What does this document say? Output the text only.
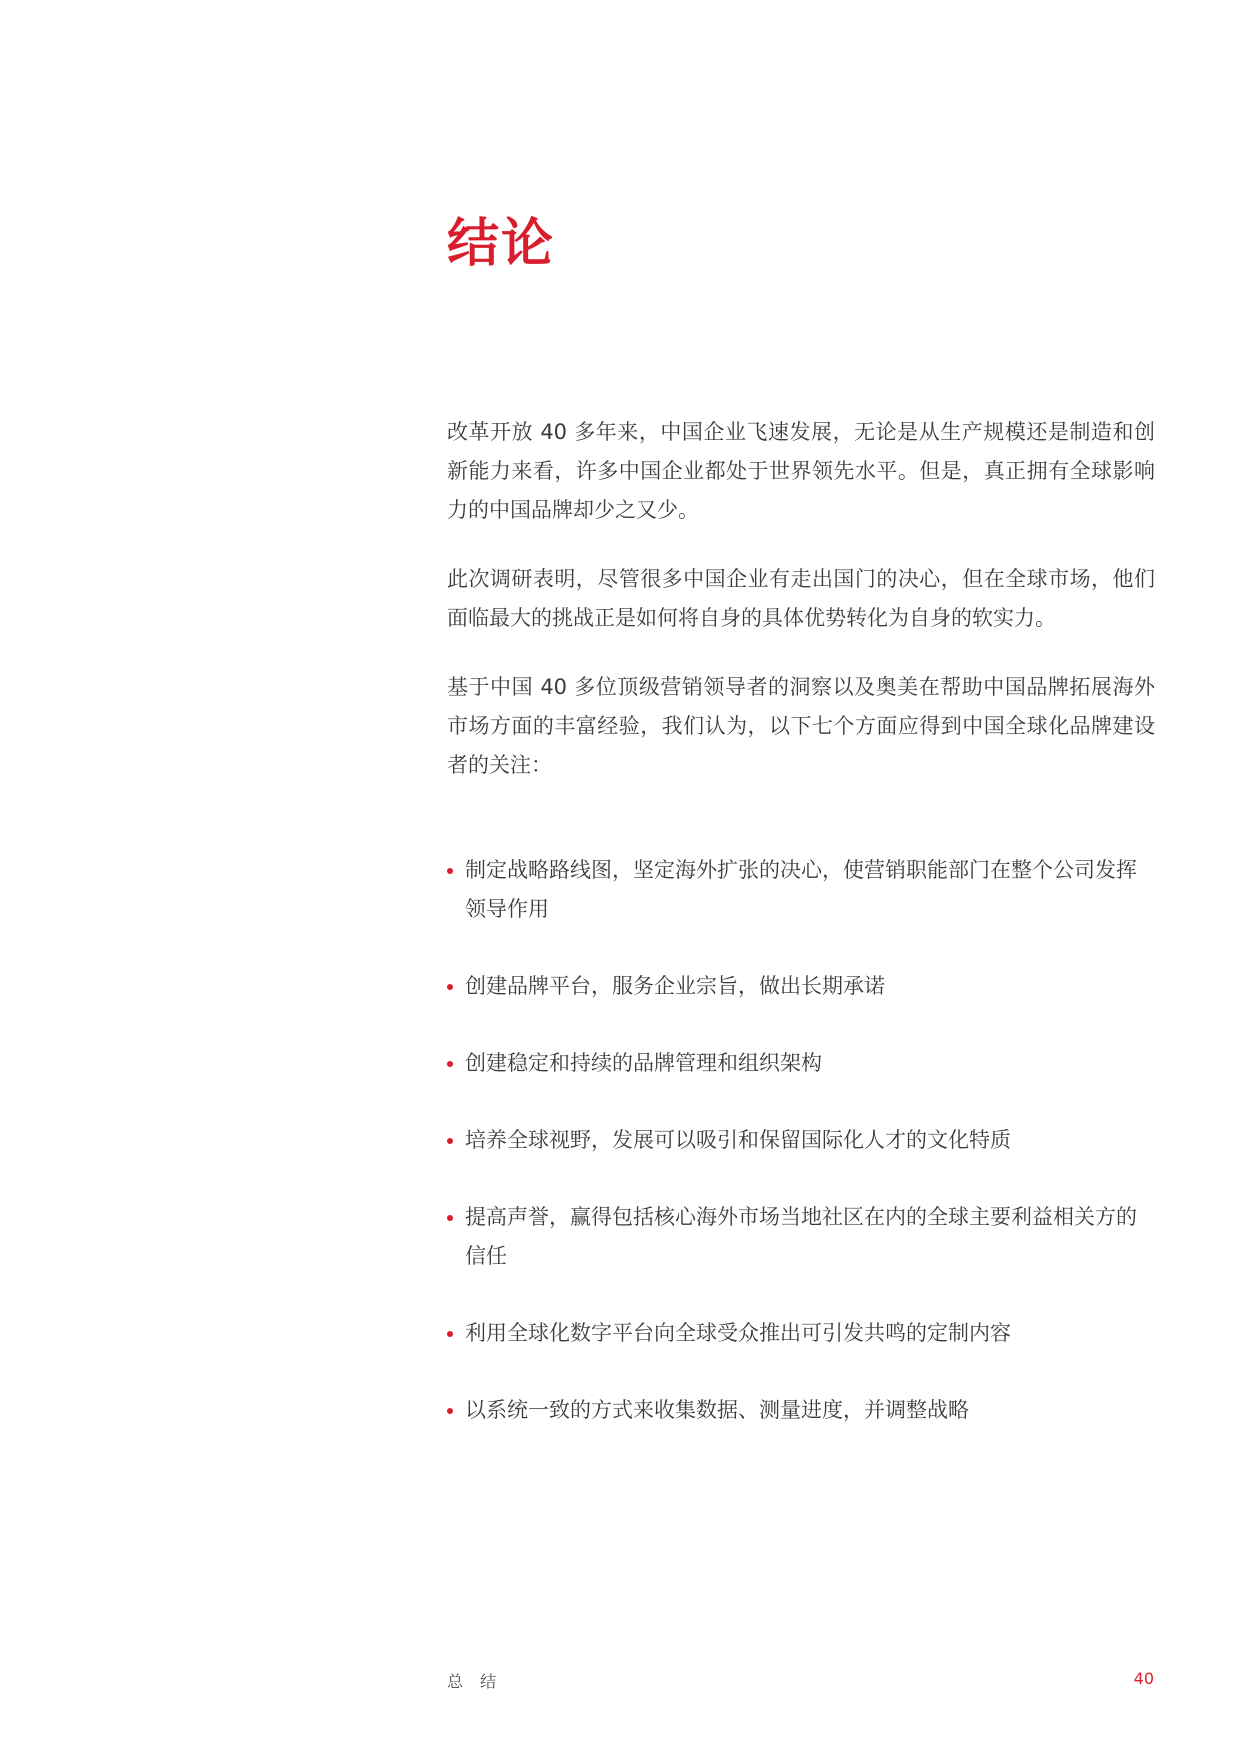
结论

改革开放 40 多年来，中国企业飞速发展，无论是从生产规模还是制造和创新能力来看，许多中国企业都处于世界领先水平。但是，真正拥有全球影响力的中国品牌却少之又少。

此次调研表明，尽管很多中国企业有走出国门的决心，但在全球市场，他们面临最大的挑战正是如何将自身的具体优势转化为自身的软实力。

基于中国 40 多位顶级营销领导者的洞察以及奥美在帮助中国品牌拓展海外市场方面的丰富经验，我们认为，以下七个方面应得到中国全球化品牌建设者的关注：

制定战略路线图，坚定海外扩张的决心，使营销职能部门在整个公司发挥领导作用
创建品牌平台，服务企业宗旨，做出长期承诺
创建稳定和持续的品牌管理和组织架构
培养全球视野，发展可以吸引和保留国际化人才的文化特质
提高声誉，赢得包括核心海外市场当地社区在内的全球主要利益相关方的信任
利用全球化数字平台向全球受众推出可引发共鸣的定制内容
以系统一致的方式来收集数据、测量进度，并调整战略
总 结	40
